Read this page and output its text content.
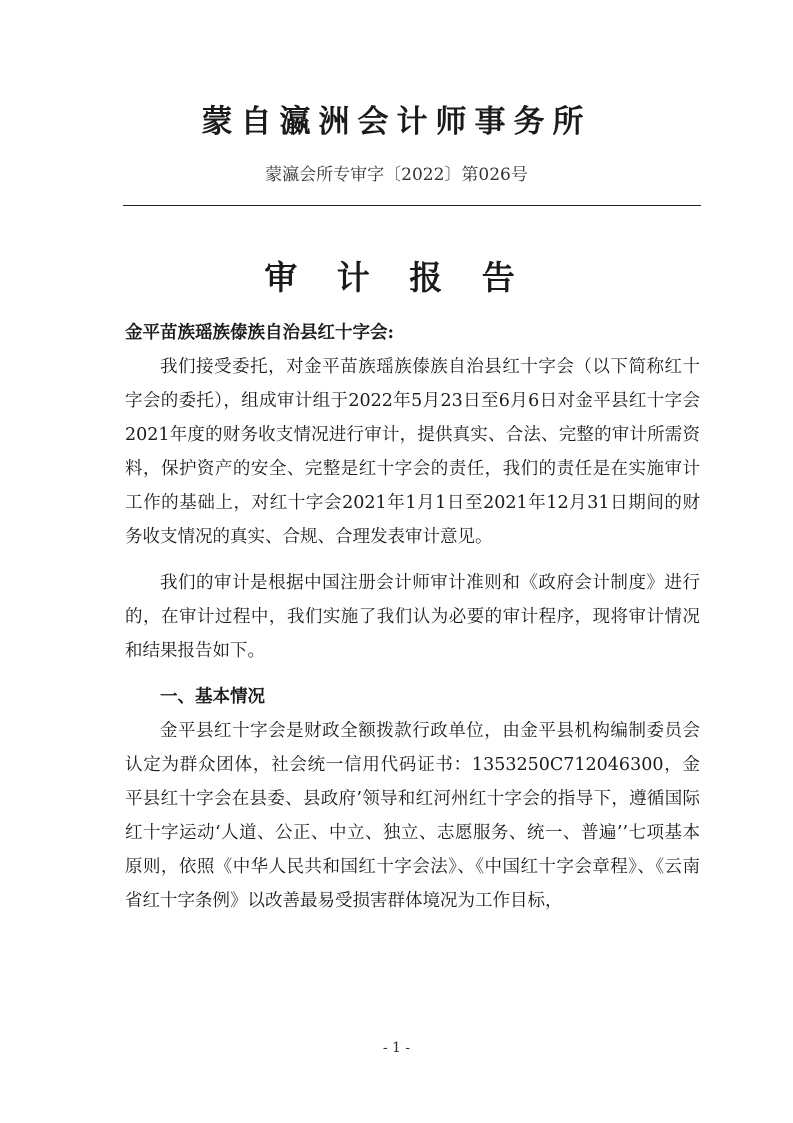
蒙自瀛洲会计师事务所
蒙瀛会所专审字〔2022〕第026号
审 计 报 告

金平苗族瑶族傣族自治县红十字会:

我们接受委托，对金平苗族瑶族傣族自治县红十字会（以下简称红十字会的委托），组成审计组于2022年5月23日至6月6日对金平县红十字会2021年度的财务收支情况进行审计，提供真实、合法、完整的审计所需资料，保护资产的安全、完整是红十字会的责任，我们的责任是在实施审计工作的基础上，对红十字会2021年1月1日至2021年12月31日期间的财务收支情况的真实、合规、合理发表审计意见。

我们的审计是根据中国注册会计师审计准则和《政府会计制度》进行的，在审计过程中，我们实施了我们认为必要的审计程序，现将审计情况和结果报告如下。

一、基本情况

金平县红十字会是财政全额拨款行政单位，由金平县机构编制委员会认定为群众团体，社会统一信用代码证书：1353250C712046300，金平县红十字会在县委、县政府’领导和红河州红十字会的指导下，遵循国际红十字运动‘人道、公正、中立、独立、志愿服务、统一、普遍’’七项基本原则，依照《中华人民共和国红十字会法》、《中国红十字会章程》、《云南省红十字条例》以改善最易受损害群体境况为工作目标，

- 1 -
